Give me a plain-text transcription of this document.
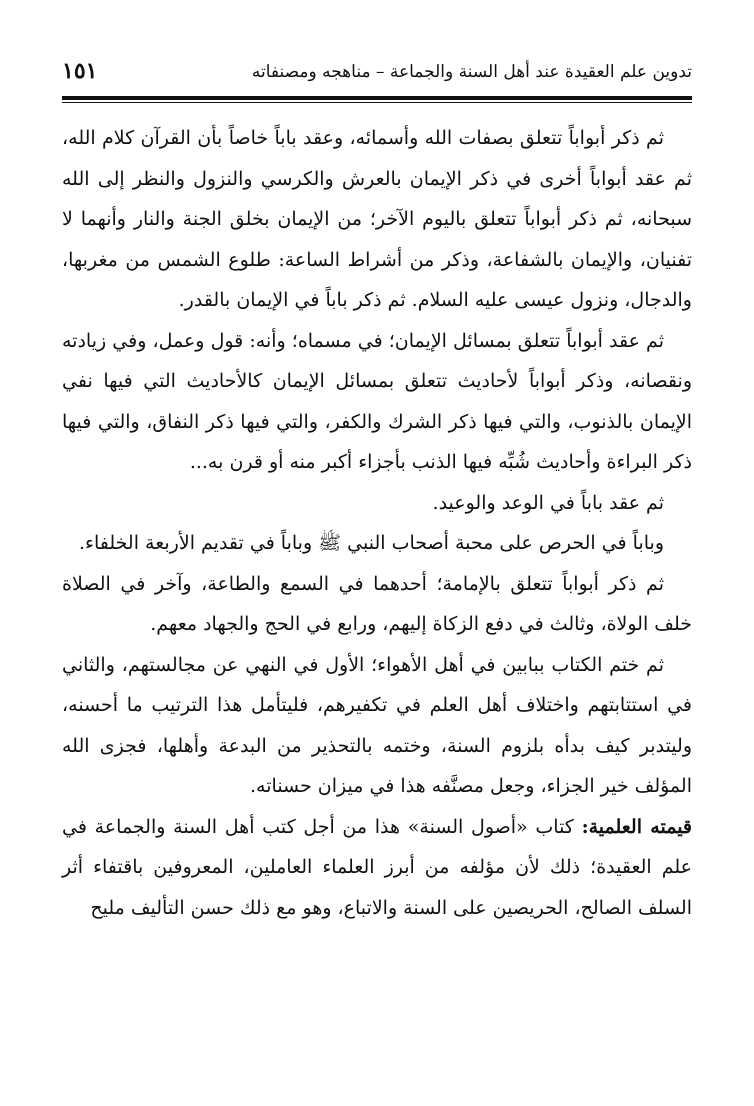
تدوين علم العقيدة عند أهل السنة والجماعة – مناهجه ومصنفاته
١٥١

ثم ذكر أبواباً تتعلق بصفات الله وأسمائه، وعقد باباً خاصاً بأن القرآن كلام الله، ثم عقد أبواباً أخرى في ذكر الإيمان بالعرش والكرسي والنزول والنظر إلى الله سبحانه، ثم ذكر أبواباً تتعلق باليوم الآخر؛ من الإيمان بخلق الجنة والنار وأنهما لا تفنيان، والإيمان بالشفاعة، وذكر من أشراط الساعة: طلوع الشمس من مغربها، والدجال، ونزول عيسى عليه السلام. ثم ذكر باباً في الإيمان بالقدر.

ثم عقد أبواباً تتعلق بمسائل الإيمان؛ في مسماه؛ وأنه: قول وعمل، وفي زيادته ونقصانه، وذكر أبواباً لأحاديث تتعلق بمسائل الإيمان كالأحاديث التي فيها نفي الإيمان بالذنوب، والتي فيها ذكر الشرك والكفر، والتي فيها ذكر النفاق، والتي فيها ذكر البراءة وأحاديث شُبِّه فيها الذنب بأجزاء أكبر منه أو قرن به...

ثم عقد باباً في الوعد والوعيد.

وباباً في الحرص على محبة أصحاب النبي ﷺ وباباً في تقديم الأربعة الخلفاء.

ثم ذكر أبواباً تتعلق بالإمامة؛ أحدهما في السمع والطاعة، وآخر في الصلاة خلف الولاة، وثالث في دفع الزكاة إليهم، ورابع في الحج والجهاد معهم.

ثم ختم الكتاب ببابين في أهل الأهواء؛ الأول في النهي عن مجالستهم، والثاني في استتابتهم واختلاف أهل العلم في تكفيرهم، فليتأمل هذا الترتيب ما أحسنه، وليتدبر كيف بدأه بلزوم السنة، وختمه بالتحذير من البدعة وأهلها، فجزى الله المؤلف خير الجزاء، وجعل مصنَّفه هذا في ميزان حسناته.

قيمته العلمية: كتاب «أصول السنة» هذا من أجل كتب أهل السنة والجماعة في علم العقيدة؛ ذلك لأن مؤلفه من أبرز العلماء العاملين، المعروفين باقتفاء أثر السلف الصالح، الحريصين على السنة والاتباع، وهو مع ذلك حسن التأليف مليح
